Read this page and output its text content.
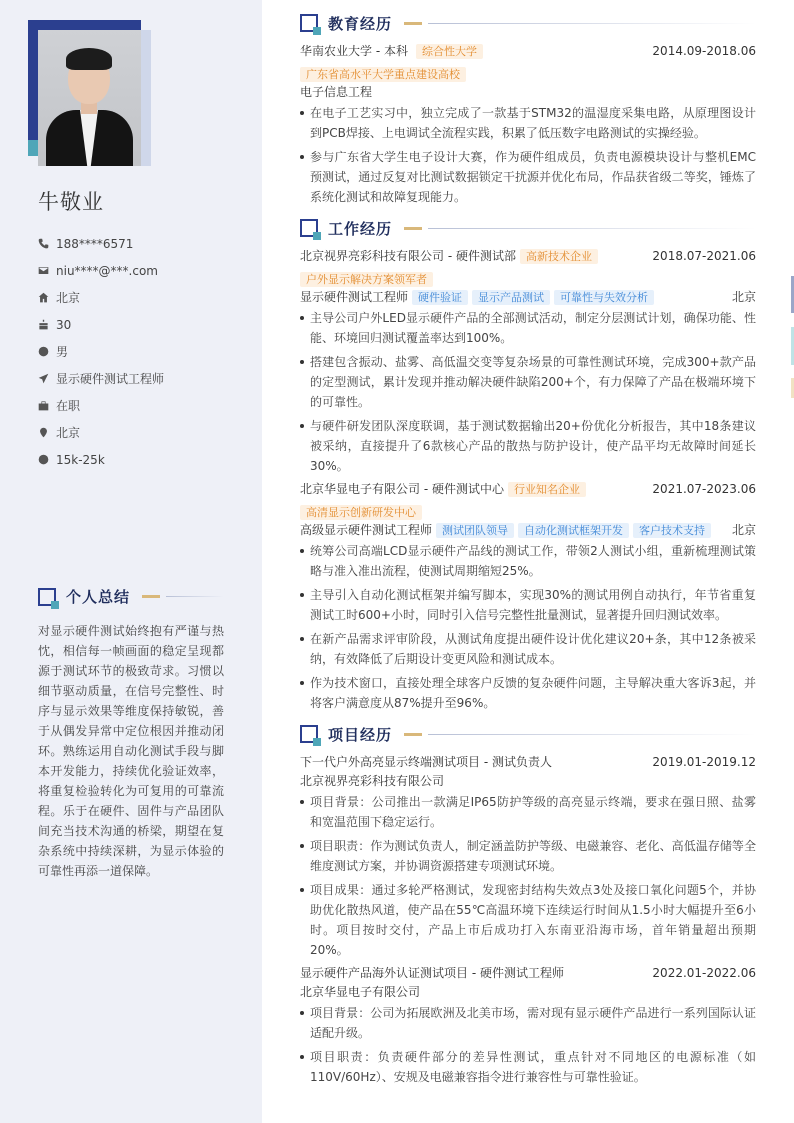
牛敬业
188****6571
niu****@***.com
北京
30
男
显示硬件测试工程师
在职
北京
15k-25k
个人总结

对显示硬件测试始终抱有严谨与热忱，相信每一帧画面的稳定呈现都源于测试环节的极致苛求。习惯以细节驱动质量，在信号完整性、时序与显示效果等维度保持敏锐，善于从偶发异常中定位根因并推动闭环。熟练运用自动化测试手段与脚本开发能力，持续优化验证效率，将重复检验转化为可复用的可靠流程。乐于在硬件、固件与产品团队间充当技术沟通的桥梁，期望在复杂系统中持续深耕，为显示体验的可靠性再添一道保障。

教育经历
华南农业大学 - 本科	综合性大学	2014.09-2018.06
广东省高水平大学重点建设高校
电子信息工程
在电子工艺实习中，独立完成了一款基于STM32的温湿度采集电路，从原理图设计到PCB焊接、上电调试全流程实践，积累了低压数字电路测试的实操经验。
参与广东省大学生电子设计大赛，作为硬件组成员，负责电源模块设计与整机EMC预测试，通过反复对比测试数据锁定干扰源并优化布局，作品获省级二等奖，锤炼了系统化测试和故障复现能力。
工作经历
北京视界亮彩科技有限公司 - 硬件测试部 高新技术企业	2018.07-2021.06
户外显示解决方案领军者
显示硬件测试工程师 硬件验证	显示产品测试	可靠性与失效分析	北京
主导公司户外LED显示硬件产品的全部测试活动，制定分层测试计划，确保功能、性能、环境回归测试覆盖率达到100%。
搭建包含振动、盐雾、高低温交变等复杂场景的可靠性测试环境，完成300+款产品的定型测试，累计发现并推动解决硬件缺陷200+个，有力保障了产品在极端环境下的可靠性。
与硬件研发团队深度联调，基于测试数据输出20+份优化分析报告，其中18条建议被采纳，直接提升了6款核心产品的散热与防护设计，使产品平均无故障时间延长30%。
北京华显电子有限公司 - 硬件测试中心 行业知名企业	2021.07-2023.06
高清显示创新研发中心
高级显示硬件测试工程师 测试团队领导	自动化测试框架开发	客户技术支持	北京
统筹公司高端LCD显示硬件产品线的测试工作，带领2人测试小组，重新梳理测试策略与准入准出流程，使测试周期缩短25%。
主导引入自动化测试框架并编写脚本，实现30%的测试用例自动执行，年节省重复测试工时600+小时，同时引入信号完整性批量测试，显著提升回归测试效率。
在新产品需求评审阶段，从测试角度提出硬件设计优化建议20+条，其中12条被采纳，有效降低了后期设计变更风险和测试成本。
作为技术窗口，直接处理全球客户反馈的复杂硬件问题，主导解决重大客诉3起，并将客户满意度从87%提升至96%。
项目经历
下一代户外高亮显示终端测试项目 - 测试负责人	2019.01-2019.12
北京视界亮彩科技有限公司
项目背景：公司推出一款满足IP65防护等级的高亮显示终端，要求在强日照、盐雾和宽温范围下稳定运行。
项目职责：作为测试负责人，制定涵盖防护等级、电磁兼容、老化、高低温存储等全维度测试方案，并协调资源搭建专项测试环境。
项目成果：通过多轮严格测试，发现密封结构失效点3处及接口氧化问题5个，并协助优化散热风道，使产品在55℃高温环境下连续运行时间从1.5小时大幅提升至6小时。项目按时交付，产品上市后成功打入东南亚沿海市场，首年销量超出预期20%。
显示硬件产品海外认证测试项目 - 硬件测试工程师	2022.01-2022.06
北京华显电子有限公司
项目背景：公司为拓展欧洲及北美市场，需对现有显示硬件产品进行一系列国际认证适配升级。
项目职责：负责硬件部分的差异性测试，重点针对不同地区的电源标准（如110V/60Hz）、安规及电磁兼容指令进行兼容性与可靠性验证。
